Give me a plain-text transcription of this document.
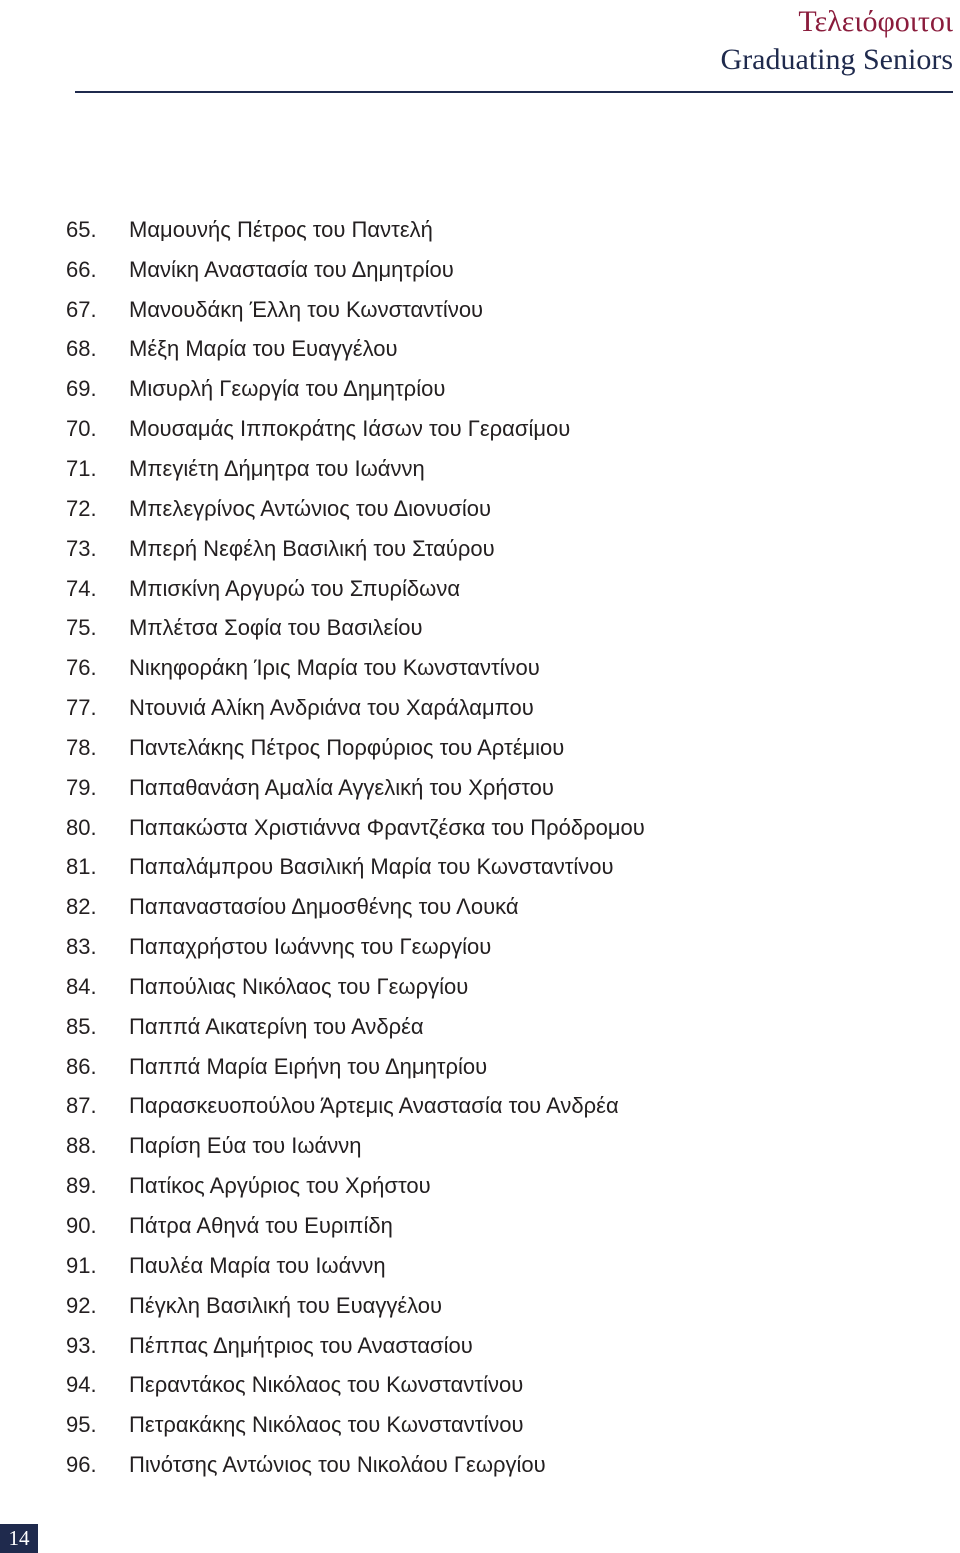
Τελειόφοιτοι
Graduating Seniors
65.	Μαμουνής Πέτρος του Παντελή
66.	Μανίκη Αναστασία του Δημητρίου
67.	Μανουδάκη Έλλη του Κωνσταντίνου
68.	Μέξη Μαρία του Ευαγγέλου
69.	Μισυρλή Γεωργία του Δημητρίου
70.	Μουσαμάς Ιπποκράτης Ιάσων του Γερασίμου
71.	Μπεγιέτη Δήμητρα του Ιωάννη
72.	Μπελεγρίνος Αντώνιος του Διονυσίου
73.	Μπερή Νεφέλη Βασιλική του Σταύρου
74.	Μπισκίνη Αργυρώ του Σπυρίδωνα
75.	Μπλέτσα Σοφία του Βασιλείου
76.	Νικηφοράκη Ίρις Μαρία του Κωνσταντίνου
77.	Ντουνιά Αλίκη Ανδριάνα του Χαράλαμπου
78.	Παντελάκης Πέτρος Πορφύριος του Αρτέμιου
79.	Παπαθανάση Αμαλία Αγγελική του Χρήστου
80.	Παπακώστα Χριστιάννα Φραντζέσκα του Πρόδρομου
81.	Παπαλάμπρου Βασιλική Μαρία του Κωνσταντίνου
82.	Παπαναστασίου Δημοσθένης του Λουκά
83.	Παπαχρήστου Ιωάννης του Γεωργίου
84.	Παπούλιας Νικόλαος του Γεωργίου
85.	Παππά Αικατερίνη του Ανδρέα
86.	Παππά Μαρία Ειρήνη του Δημητρίου
87.	Παρασκευοπούλου Άρτεμις Αναστασία του Ανδρέα
88.	Παρίση Εύα του Ιωάννη
89.	Πατίκος Αργύριος του Χρήστου
90.	Πάτρα Αθηνά του Ευριπίδη
91.	Παυλέα Μαρία του Ιωάννη
92.	Πέγκλη Βασιλική του Ευαγγέλου
93.	Πέππας Δημήτριος του Αναστασίου
94.	Περαντάκος Νικόλαος του Κωνσταντίνου
95.	Πετρακάκης Νικόλαος του Κωνσταντίνου
96.	Πινότσης Αντώνιος του Νικολάου Γεωργίου
14
